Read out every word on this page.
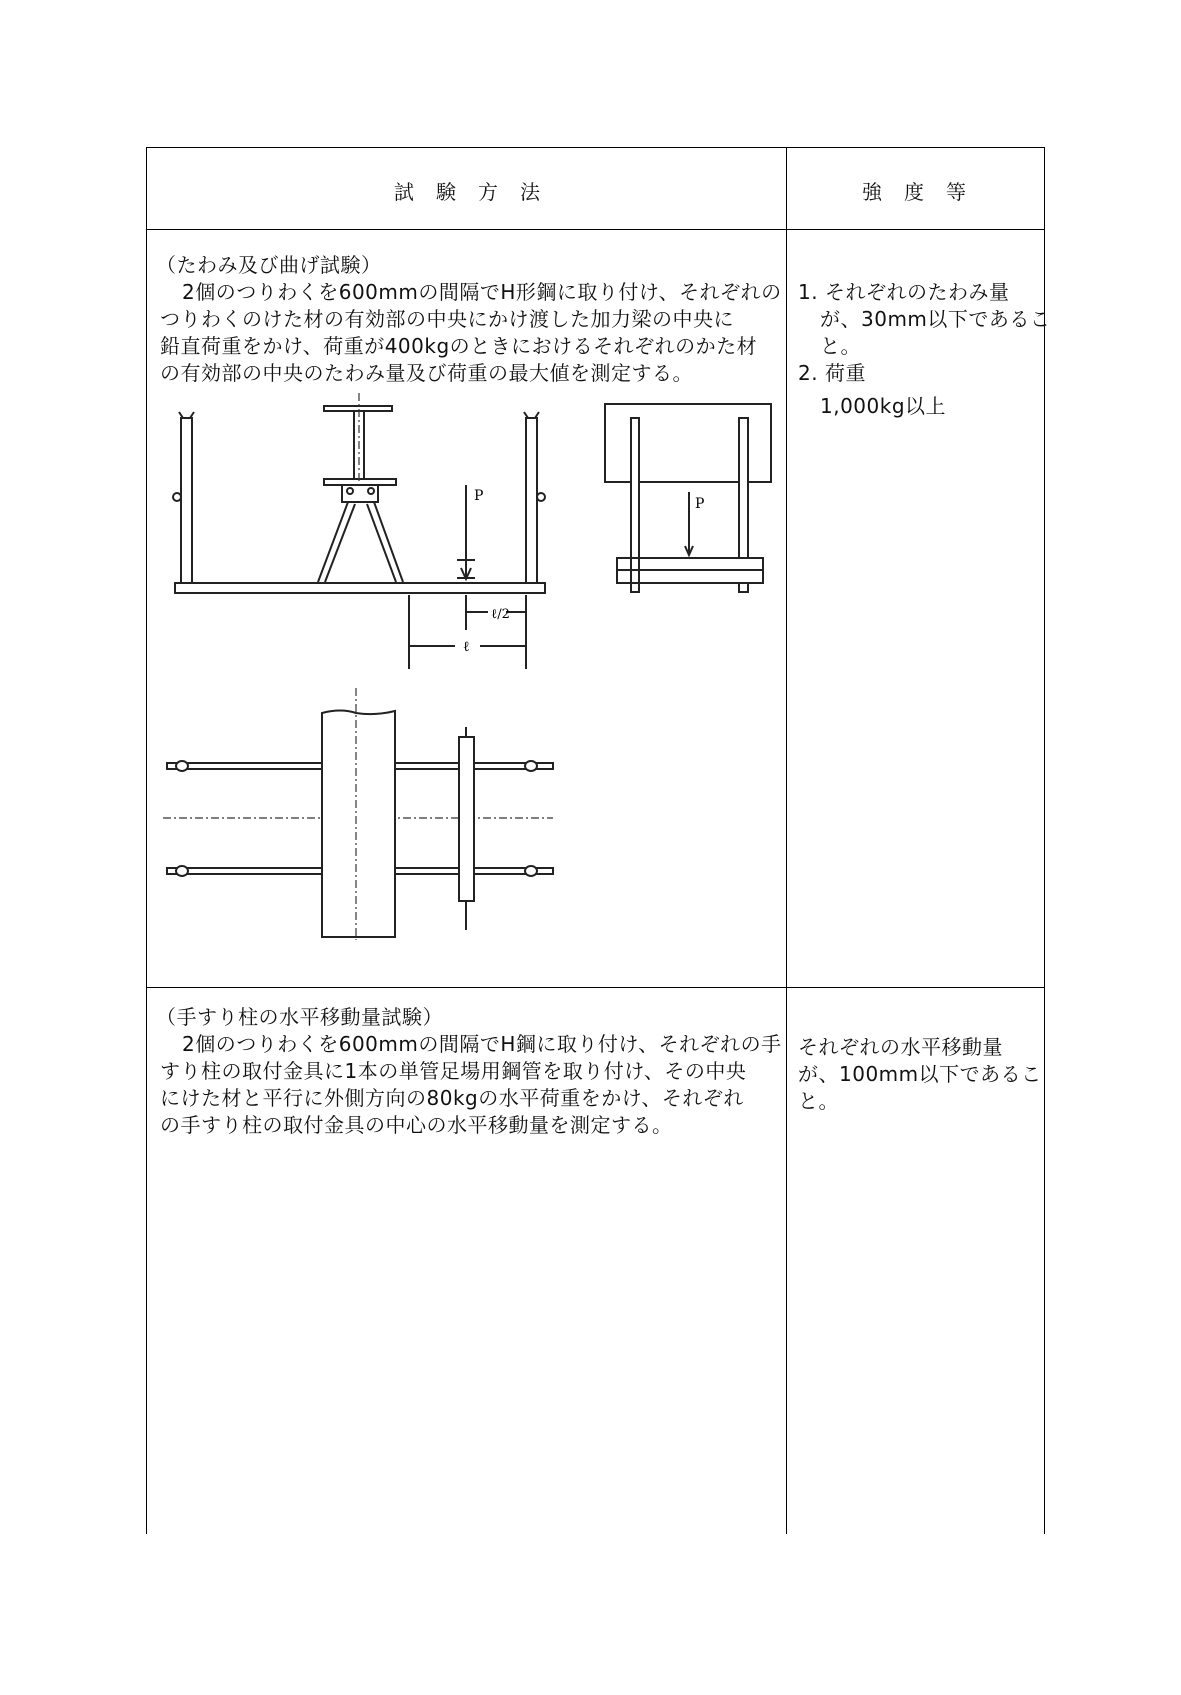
試験方法	強度等
（たわみ及び曲げ試験）
2個のつりわくを600mmの間隔でH形鋼に取り付け、それぞれの
つりわくのけた材の有効部の中央にかけ渡した加力梁の中央に
鉛直荷重をかけ、荷重が400kgのときにおけるそれぞれのかた材
の有効部の中央のたわみ量及び荷重の最大値を測定する。
1. それぞれのたわみ量
が、30mm以下であるこ
と。
2. 荷重
1,000kg以上
P
ℓ/2
ℓ
P
（手すり柱の水平移動量試験）
2個のつりわくを600mmの間隔でH鋼に取り付け、それぞれの手
すり柱の取付金具に1本の単管足場用鋼管を取り付け、その中央
にけた材と平行に外側方向の80kgの水平荷重をかけ、それぞれ
の手すり柱の取付金具の中心の水平移動量を測定する。
それぞれの水平移動量
が、100mm以下であるこ
と。
